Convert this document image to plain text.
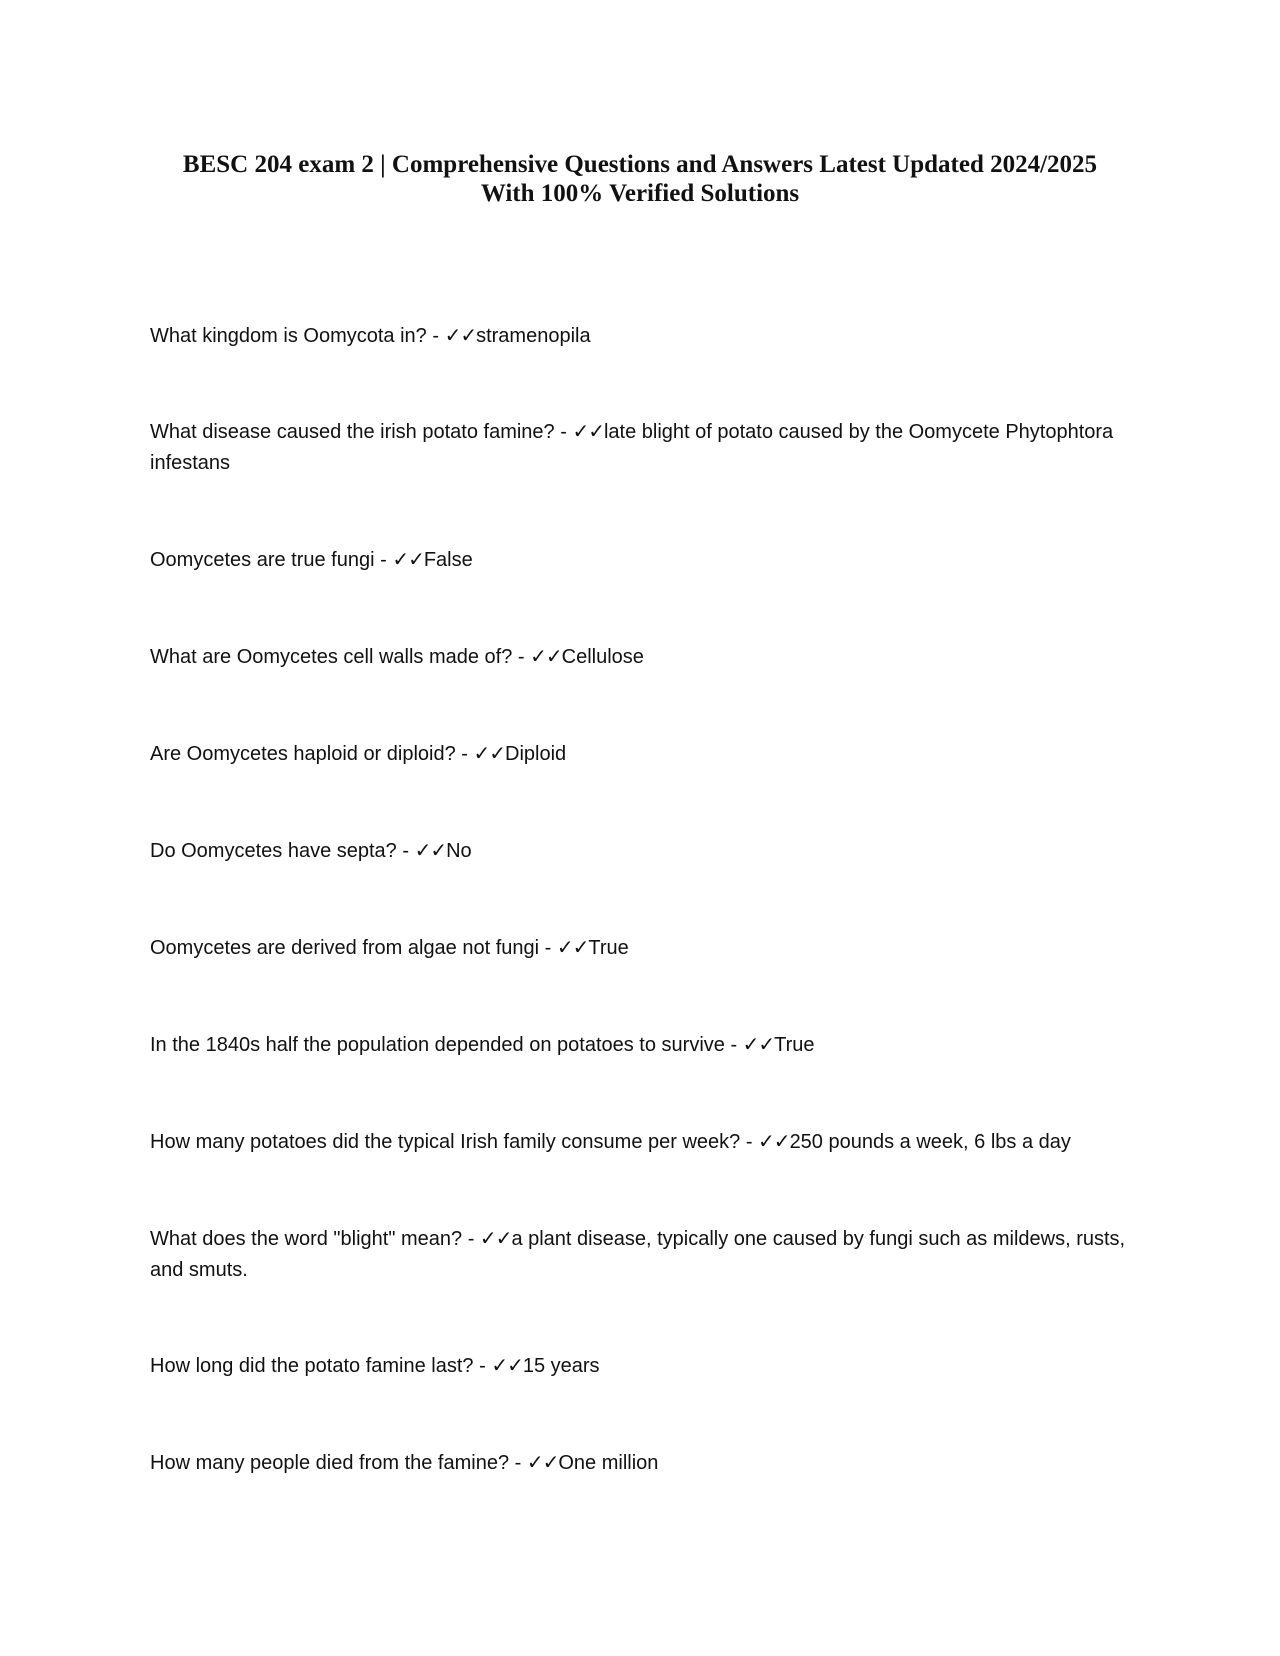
BESC 204 exam 2 | Comprehensive Questions and Answers Latest Updated 2024/2025
With 100% Verified Solutions

What kingdom is Oomycota in? - ✓✓stramenopila

What disease caused the irish potato famine? - ✓✓late blight of potato caused by the Oomycete Phytophtora infestans

Oomycetes are true fungi - ✓✓False

What are Oomycetes cell walls made of? - ✓✓Cellulose

Are Oomycetes haploid or diploid? - ✓✓Diploid

Do Oomycetes have septa? - ✓✓No

Oomycetes are derived from algae not fungi - ✓✓True

In the 1840s half the population depended on potatoes to survive - ✓✓True

How many potatoes did the typical Irish family consume per week? - ✓✓250 pounds a week, 6 lbs a day

What does the word "blight" mean? - ✓✓a plant disease, typically one caused by fungi such as mildews, rusts, and smuts.

How long did the potato famine last? - ✓✓15 years

How many people died from the famine? - ✓✓One million
